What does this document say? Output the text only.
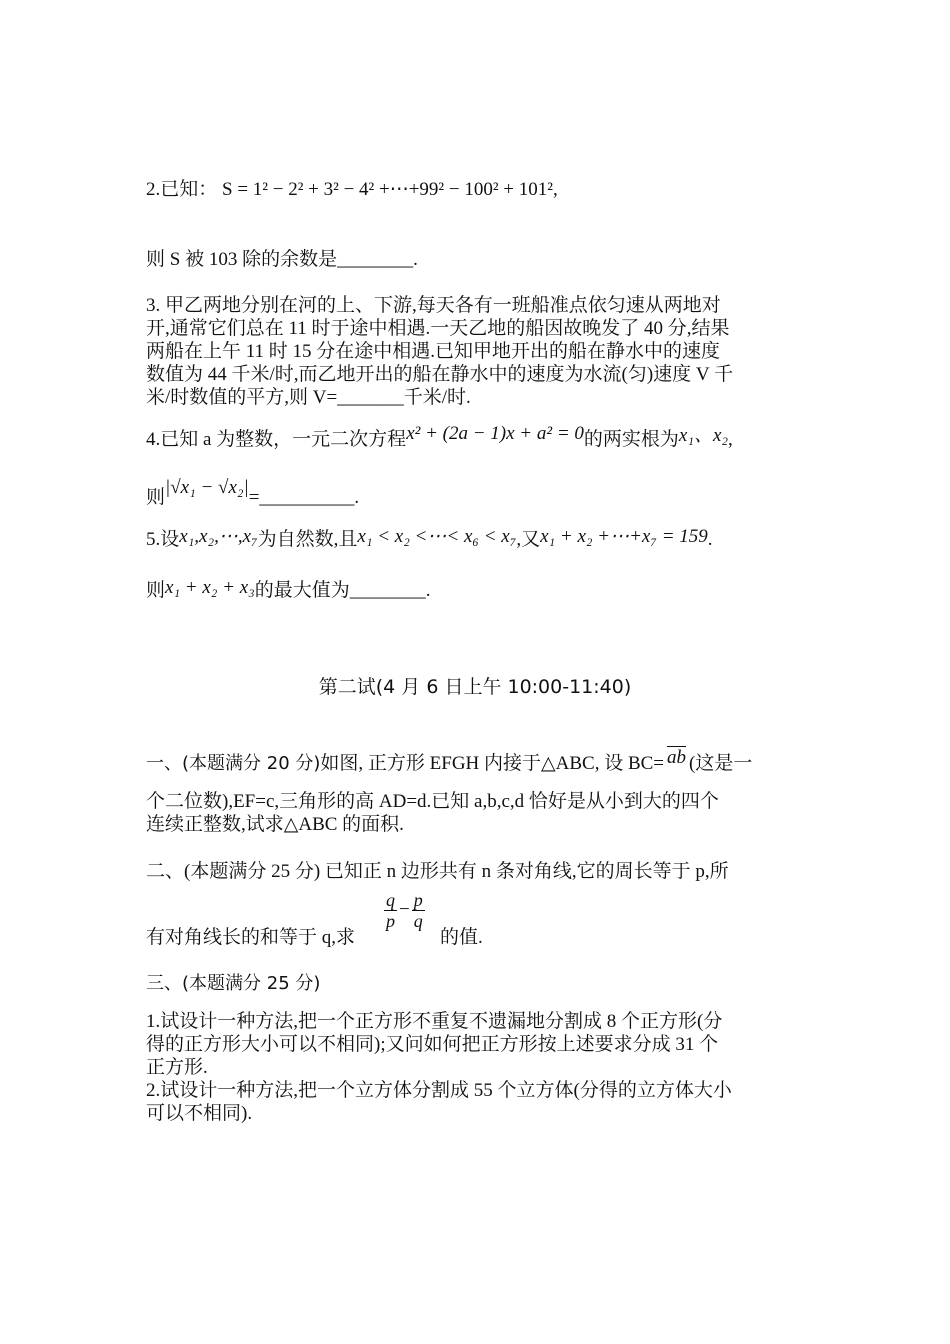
2.已知： S = 1² − 2² + 3² − 4² +⋯+99² − 100² + 101²,
则 S 被 103 除的余数是________.
3. 甲乙两地分别在河的上、下游,每天各有一班船准点依匀速从两地对
开,通常它们总在 11 时于途中相遇.一天乙地的船因故晚发了 40 分,结果
两船在上午 11 时 15 分在途中相遇.已知甲地开出的船在静水中的速度
数值为 44 千米/时,而乙地开出的船在静水中的速度为水流(匀)速度 V 千
米/时数值的平方,则 V=_______千米/时.
4.已知 a 为整数，一元二次方程x² + (2a − 1)x + a² = 0的两实根为x₁、x₂,
则|√x₁ − √x₂|=__________.
5.设x₁,x₂,⋯,x₇为自然数,且x₁ < x₂ <⋯< x₆ < x₇,又x₁ + x₂ +⋯+x₇ = 159.
则x₁ + x₂ + x₃的最大值为________.
第二试(4 月 6 日上午 10:00-11:40)
一、(本题满分 20 分)如图, 正方形 EFGH 内接于△ABC, 设 $BC= \overline{ab}$ (这是一
个二位数),EF=c,三角形的高 AD=d.已知 a,b,c,d 恰好是从小到大的四个
连续正整数,试求△ABC 的面积.
二、(本题满分 25 分) 已知正 n 边形共有 n 条对角线,它的周长等于 p,所
有对角线长的和等于 q,求
$\frac{q}{p} - \frac{p}{q}$
的值.
三、(本题满分 25 分)
1.试设计一种方法,把一个正方形不重复不遗漏地分割成 8 个正方形(分
得的正方形大小可以不相同);又问如何把正方形按上述要求分成 31 个
正方形.
2.试设计一种方法,把一个立方体分割成 55 个立方体(分得的立方体大小
可以不相同).
